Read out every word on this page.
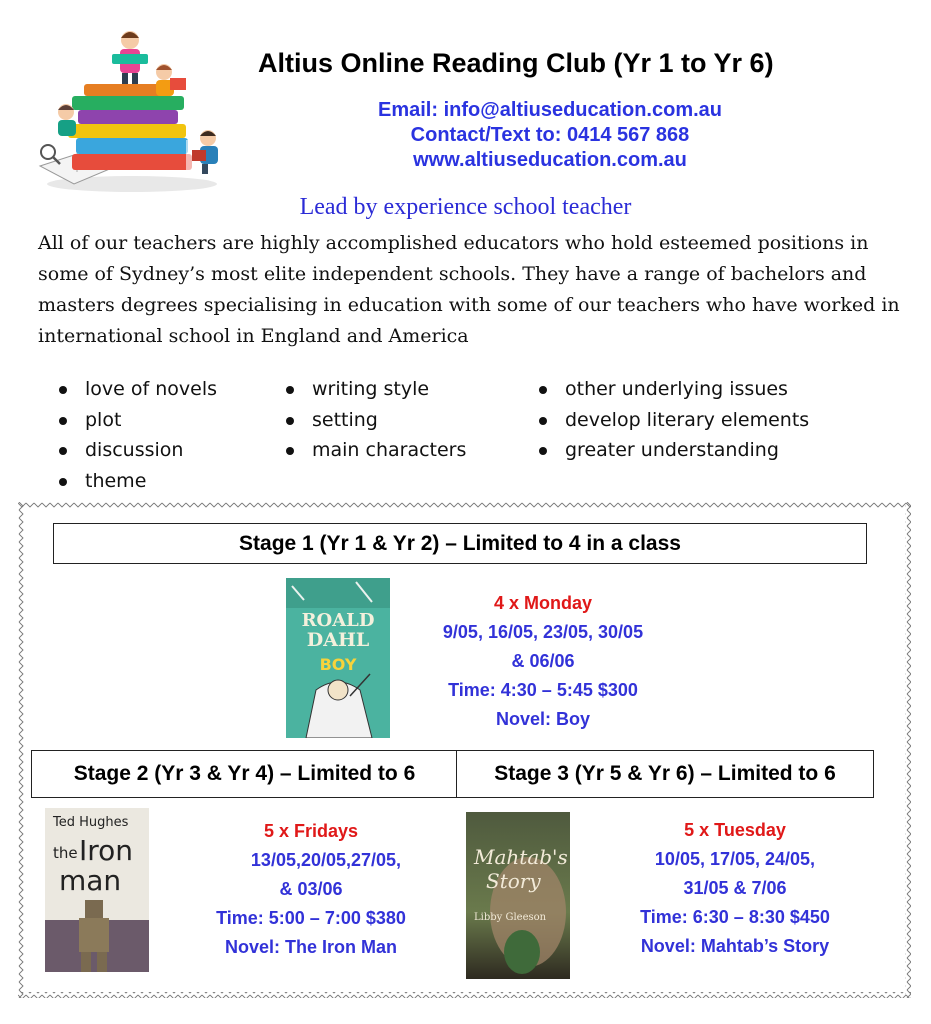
Altius Online Reading Club (Yr 1 to Yr 6)
Email: info@altiuseducation.com.au
Contact/Text to: 0414 567 868
www.altiuseducation.com.au
Lead by experience school teacher
All of our teachers are highly accomplished educators who hold esteemed positions in some of Sydney’s most elite independent schools. They have a range of bachelors and masters degrees specialising in education with some of our teachers who have worked in international school in England and America
love of novels
plot
discussion
theme
writing style
setting
main characters
other underlying issues
develop literary elements
greater understanding
Stage 1 (Yr 1 & Yr 2) – Limited to 4 in a class
ROALD
DAHL
BOY
4 x Monday
9/05, 16/05, 23/05, 30/05
& 06/06
Time: 4:30 – 5:45 $300
Novel: Boy
Stage 2 (Yr 3 & Yr 4) – Limited to 6	Stage 3 (Yr 5 & Yr 6) – Limited to 6
Ted Hughes
the Iron
man
5 x Fridays
13/05,20/05,27/05,
& 03/06
Time: 5:00 – 7:00 $380
Novel: The Iron Man
Mahtab's
Story
Libby Gleeson
5 x Tuesday
10/05, 17/05, 24/05,
31/05 & 7/06
Time: 6:30 – 8:30 $450
Novel: Mahtab’s Story
